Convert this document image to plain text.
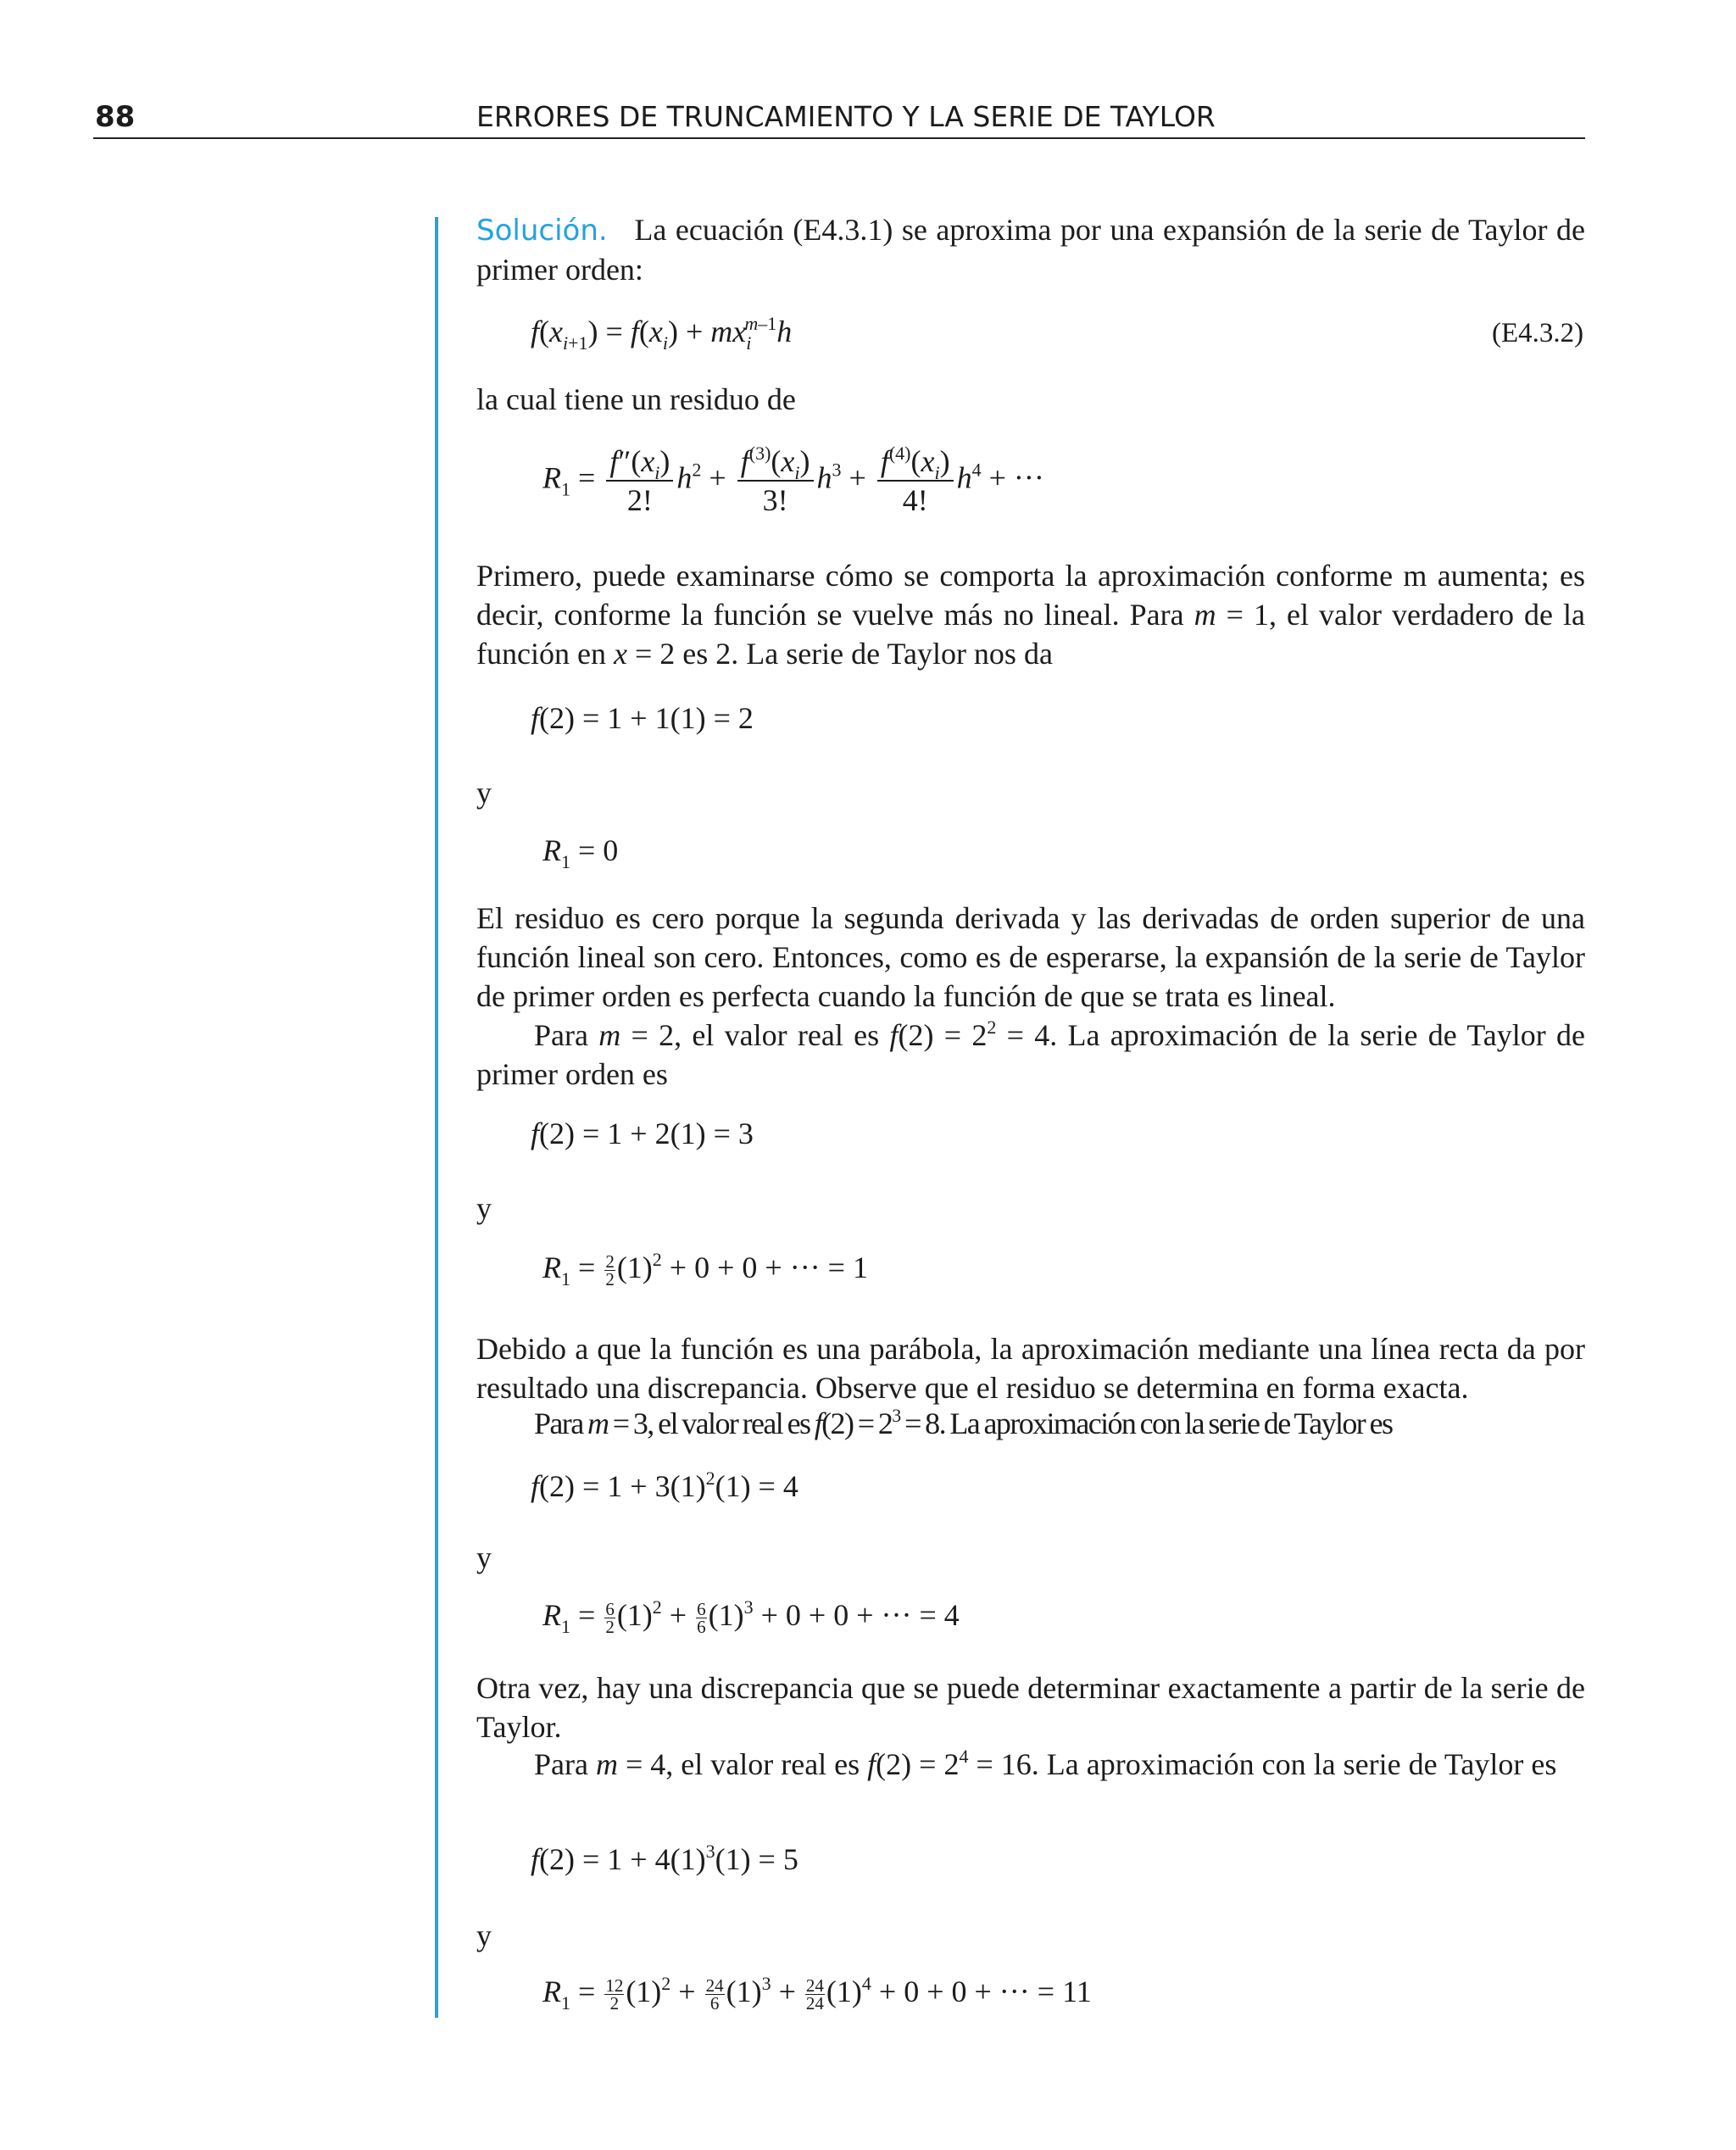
88	ERRORES DE TRUNCAMIENTO Y LA SERIE DE TAYLOR
Solución. La ecuación (E4.3.1) se aproxima por una expansión de la serie de Taylor de primer orden:
$f(x_{i+1}) = f(x_i) + mx_i^{m-1}h$	(E4.3.2)
la cual tiene un residuo de
$R_1 = \frac{f''(x_i)}{2!} h^2 + \frac{f^{(3)}(x_i)}{3!} h^3 + \frac{f^{(4)}(x_i)}{4!} h^4$ + ···
Primero, puede examinarse cómo se comporta la aproximación conforme m aumenta; es decir, conforme la función se vuelve más no lineal. Para m = 1, el valor verdadero de la función en x = 2 es 2. La serie de Taylor nos da
f(2) = 1 + 1(1) = 2
y
$R_1 = 0$
El residuo es cero porque la segunda derivada y las derivadas de orden superior de una función lineal son cero. Entonces, como es de esperarse, la expansión de la serie de Taylor de primer orden es perfecta cuando la función de que se trata es lineal.
Para m = 2, el valor real es $f(2) = 2^2 = 4$. La aproximación de la serie de Taylor de primer orden es
f(2) = 1 + 2(1) = 3
y
$R_1 = \frac{2}{2} (1)^2 + 0 + 0$ + ··· = 1
Debido a que la función es una parábola, la aproximación mediante una línea recta da por resultado una discrepancia. Observe que el residuo se determina en forma exacta.
Para m = 3, el valor real es $f(2) = 2^3 = 8$. La aproximación con la serie de Taylor es
$f(2) = 1 + 3(1)^2(1) = 4$
y
$R_1 = \frac{6}{2} (1)^2 + \frac{6}{6} (1)^3 + 0 + 0$ + ··· = 4
Otra vez, hay una discrepancia que se puede determinar exactamente a partir de la serie de Taylor.
Para m = 4, el valor real es $f(2) = 2^4 = 16$. La aproximación con la serie de Taylor es
$f(2) = 1 + 4(1)^3(1) = 5$
y
$R_1 = \frac{12}{2} (1)^2 + \frac{24}{6} (1)^3 + \frac{24}{24} (1)^4 + 0 + 0$ + ··· = 11
